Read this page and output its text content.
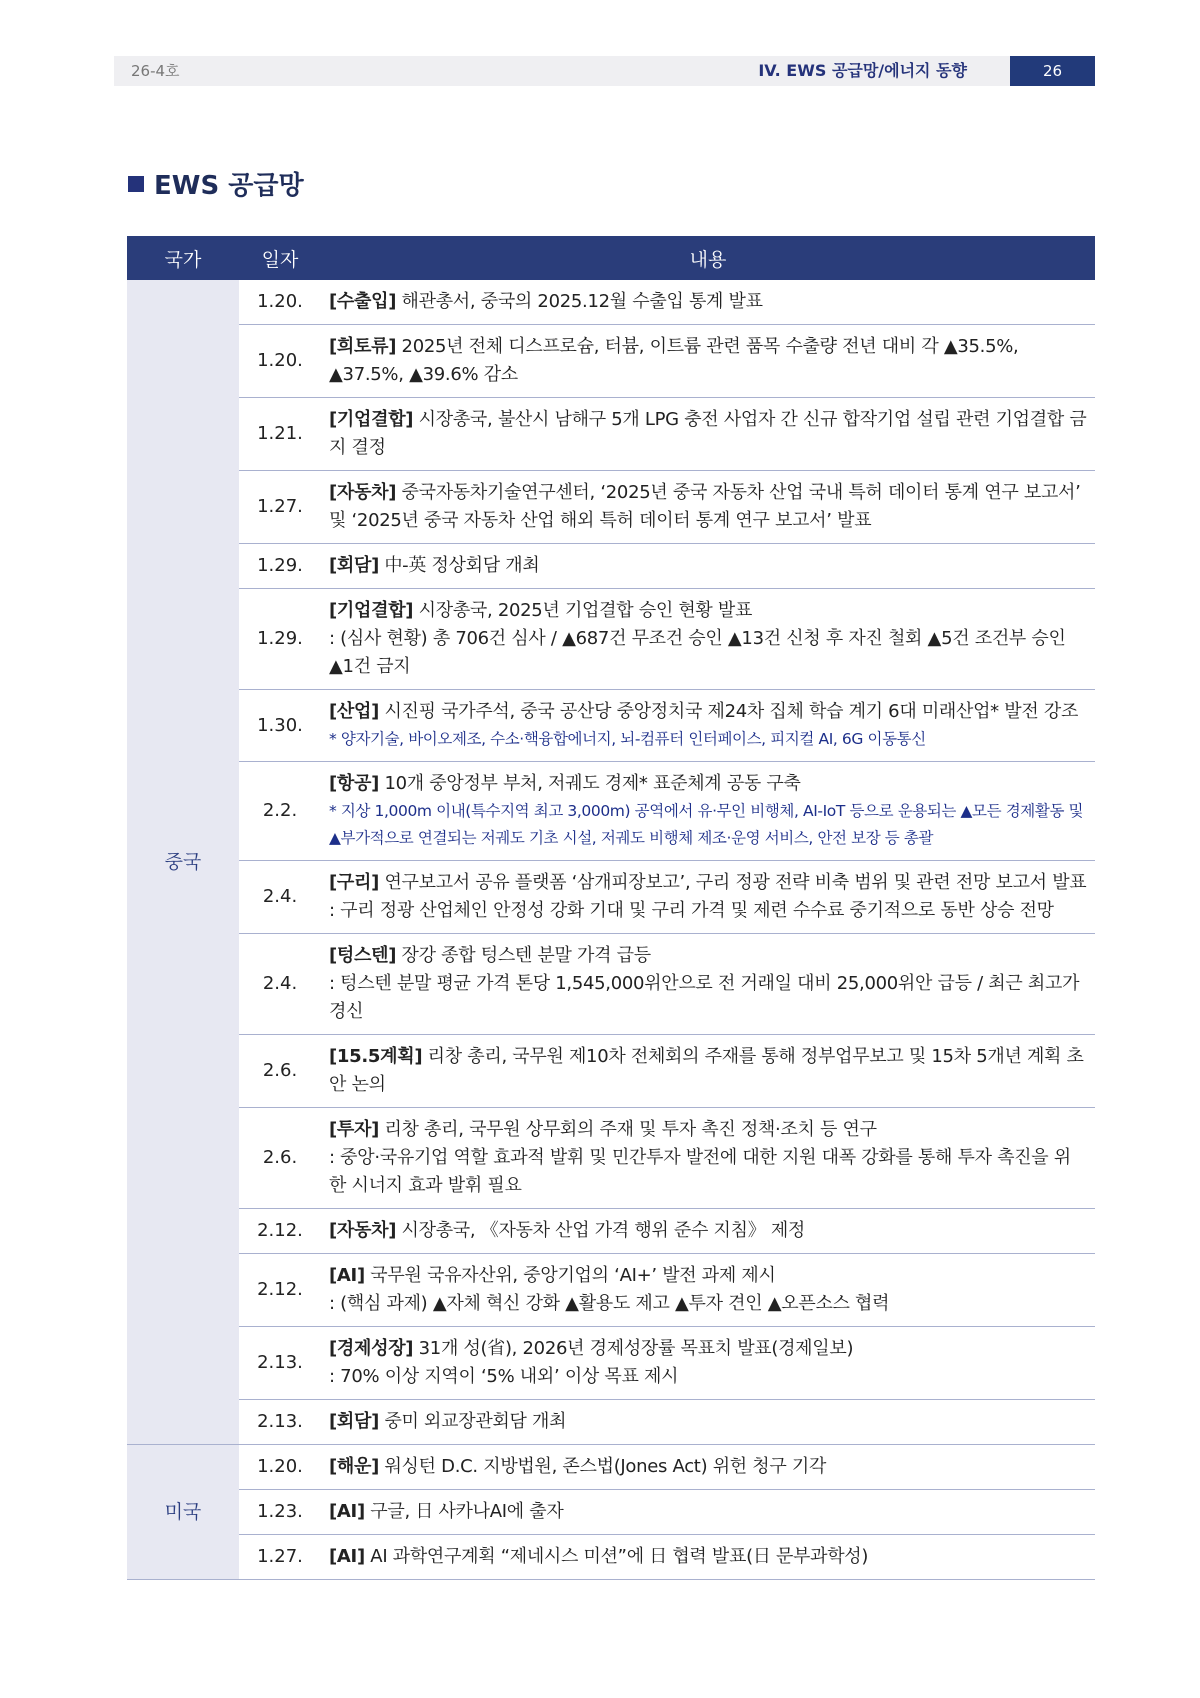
26-4호	IV. EWS 공급망/에너지 동향	26
EWS 공급망
국가	일자	내용
중국	1.20.	[수출입] 해관총서, 중국의 2025.12월 수출입 통계 발표

	1.20.	[희토류] 2025년 전체 디스프로슘, 터븀, 이트륨 관련 품목 수출량 전년 대비 각 ▲35.5%, ▲37.5%, ▲39.6% 감소

	1.21.	[기업결합] 시장총국, 불산시 남해구 5개 LPG 충전 사업자 간 신규 합작기업 설립 관련 기업결합 금지 결정

	1.27.	[자동차] 중국자동차기술연구센터, ‘2025년 중국 자동차 산업 국내 특허 데이터 통계 연구 보고서’ 및 ‘2025년 중국 자동차 산업 해외 특허 데이터 통계 연구 보고서’ 발표

	1.29.	[회담] 中-英 정상회담 개최

	1.29.	[기업결합] 시장총국, 2025년 기업결합 승인 현황 발표
: (심사 현황) 총 706건 심사 / ▲687건 무조건 승인 ▲13건 신청 후 자진 철회 ▲5건 조건부 승인 ▲1건 금지

	1.30.	[산업] 시진핑 국가주석, 중국 공산당 중앙정치국 제24차 집체 학습 계기 6대 미래산업* 발전 강조
* 양자기술, 바이오제조, 수소·핵융합에너지, 뇌-컴퓨터 인터페이스, 피지컬 AI, 6G 이동통신

	2.2.	[항공] 10개 중앙정부 부처, 저궤도 경제* 표준체계 공동 구축
* 지상 1,000m 이내(특수지역 최고 3,000m) 공역에서 유·무인 비행체, AI-IoT 등으로 운용되는 ▲모든 경제활동 및 ▲부가적으로 연결되는 저궤도 기초 시설, 저궤도 비행체 제조·운영 서비스, 안전 보장 등 총괄

	2.4.	[구리] 연구보고서 공유 플랫폼 ‘삼개피장보고’, 구리 정광 전략 비축 범위 및 관련 전망 보고서 발표
: 구리 정광 산업체인 안정성 강화 기대 및 구리 가격 및 제련 수수료 중기적으로 동반 상승 전망

	2.4.	[텅스텐] 장강 종합 텅스텐 분말 가격 급등
: 텅스텐 분말 평균 가격 톤당 1,545,000위안으로 전 거래일 대비 25,000위안 급등 / 최근 최고가 경신

	2.6.	[15.5계획] 리창 총리, 국무원 제10차 전체회의 주재를 통해 정부업무보고 및 15차 5개년 계획 초안 논의

	2.6.	[투자] 리창 총리, 국무원 상무회의 주재 및 투자 촉진 정책·조치 등 연구
: 중앙·국유기업 역할 효과적 발휘 및 민간투자 발전에 대한 지원 대폭 강화를 통해 투자 촉진을 위한 시너지 효과 발휘 필요

	2.12.	[자동차] 시장총국, 《자동차 산업 가격 행위 준수 지침》 제정

	2.12.	[AI] 국무원 국유자산위, 중앙기업의 ‘AI+’ 발전 과제 제시
: (핵심 과제) ▲자체 혁신 강화 ▲활용도 제고 ▲투자 견인 ▲오픈소스 협력

	2.13.	[경제성장] 31개 성(省), 2026년 경제성장률 목표치 발표(경제일보)
: 70% 이상 지역이 ‘5% 내외’ 이상 목표 제시

	2.13.	[회담] 중미 외교장관회담 개최

미국	1.20.	[해운] 워싱턴 D.C. 지방법원, 존스법(Jones Act) 위헌 청구 기각

	1.23.	[AI] 구글, 日 사카나AI에 출자

	1.27.	[AI] AI 과학연구계획 “제네시스 미션”에 日 협력 발표(日 문부과학성)
